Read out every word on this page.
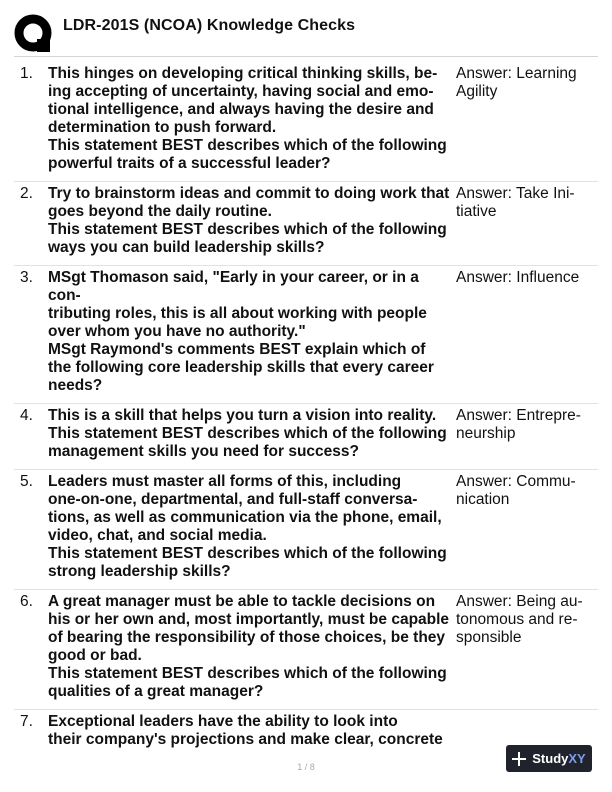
LDR-201S (NCOA) Knowledge Checks
1. This hinges on developing critical thinking skills, be-

ing accepting of uncertainty, having social and emo-

tional intelligence, and always having the desire and

determination to push forward.

This statement BEST describes which of the following

powerful traits of a successful leader?

Answer: Learning
Agility
2. Try to brainstorm ideas and commit to doing work that

goes beyond the daily routine.

This statement BEST describes which of the following

ways you can build leadership skills?

Answer: Take Ini-
tiative
3. MSgt Thomason said, "Early in your career, or in a con-

tributing roles, this is all about working with people

over whom you have no authority."

MSgt Raymond's comments BEST explain which of

the following core leadership skills that every career

needs?

Answer: Influence
4. This is a skill that helps you turn a vision into reality.

This statement BEST describes which of the following

management skills you need for success?

Answer: Entrepre-
neurship
5. Leaders must master all forms of this, including

one-on-one, departmental, and full-staff conversa-

tions, as well as communication via the phone, email,

video, chat, and social media.

This statement BEST describes which of the following

strong leadership skills?

Answer: Commu-
nication
6. A great manager must be able to tackle decisions on

his or her own and, most importantly, must be capable

of bearing the responsibility of those choices, be they

good or bad.

This statement BEST describes which of the following

qualities of a great manager?

Answer: Being au-
tonomous and re-
sponsible
7. Exceptional leaders have the ability to look into

their company's projections and make clear, concrete

1 / 8
StudyXY
